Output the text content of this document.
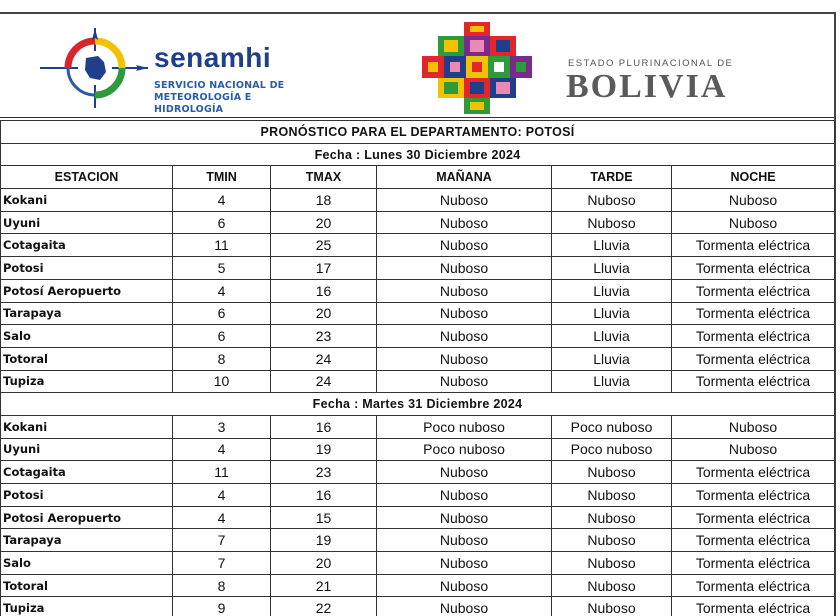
senamhi
SERVICIO NACIONAL DE
METEOROLOGÍA E HIDROLOGÍA
ESTADO PLURINACIONAL DE
BOLIVIA
PRONÓSTICO PARA EL DEPARTAMENTO: POTOSÍ					
Fecha : Lunes 30 Diciembre 2024					
ESTACION	TMIN	TMAX	MAÑANA	TARDE	NOCHE
Kokani	4	18	Nuboso	Nuboso	Nuboso
Uyuni	6	20	Nuboso	Nuboso	Nuboso
Cotagaita	11	25	Nuboso	Lluvia	Tormenta eléctrica
Potosi	5	17	Nuboso	Lluvia	Tormenta eléctrica
Potosí Aeropuerto	4	16	Nuboso	Lluvia	Tormenta eléctrica
Tarapaya	6	20	Nuboso	Lluvia	Tormenta eléctrica
Salo	6	23	Nuboso	Lluvia	Tormenta eléctrica
Totoral	8	24	Nuboso	Lluvia	Tormenta eléctrica
Tupiza	10	24	Nuboso	Lluvia	Tormenta eléctrica
Fecha : Martes 31 Diciembre 2024					
Kokani	3	16	Poco nuboso	Poco nuboso	Nuboso
Uyuni	4	19	Poco nuboso	Poco nuboso	Nuboso
Cotagaita	11	23	Nuboso	Nuboso	Tormenta eléctrica
Potosi	4	16	Nuboso	Nuboso	Tormenta eléctrica
Potosi Aeropuerto	4	15	Nuboso	Nuboso	Tormenta eléctrica
Tarapaya	7	19	Nuboso	Nuboso	Tormenta eléctrica
Salo	7	20	Nuboso	Nuboso	Tormenta eléctrica
Totoral	8	21	Nuboso	Nuboso	Tormenta eléctrica
Tupiza	9	22	Nuboso	Nuboso	Tormenta eléctrica
